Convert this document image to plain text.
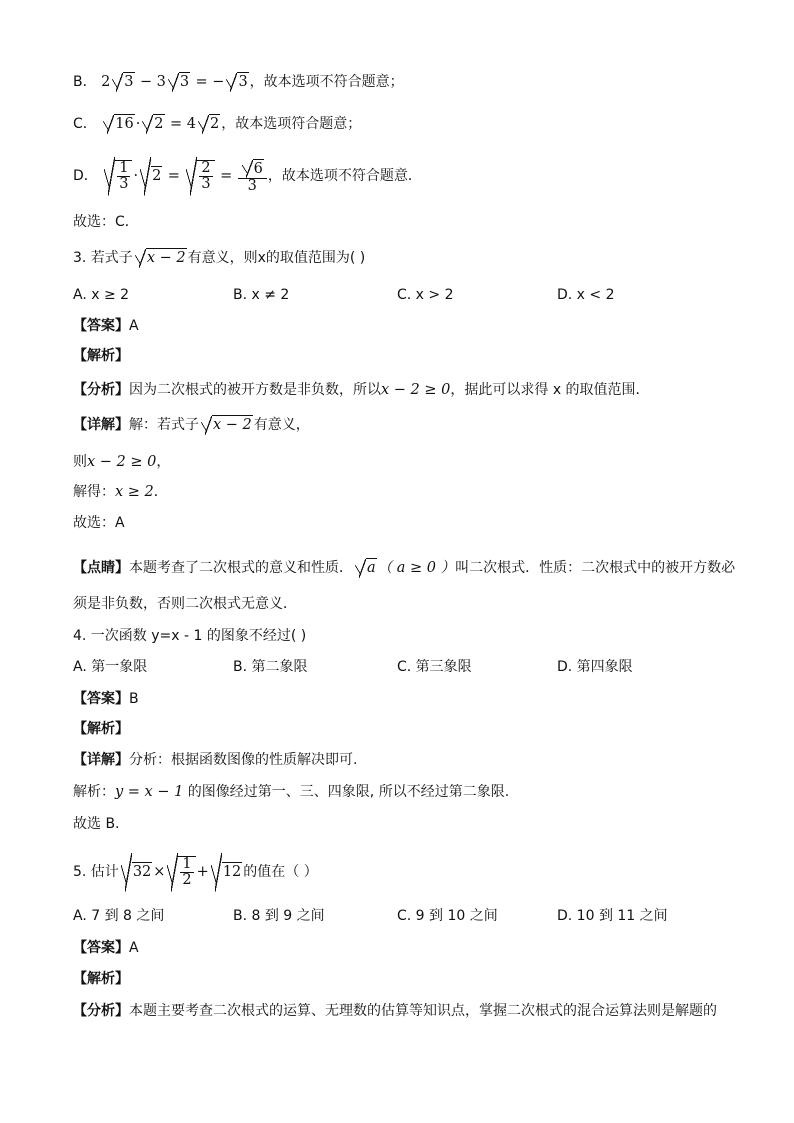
B． 2 3 − 3 3 = − 3 ，故本选项不符合题意；
C． 16 · 2 = 4 2 ，故本选项符合题意；
D． $\frac{1}{3} \cdot 2 = \frac{2}{3} = \frac{6}{3}$ ，故本选项不符合题意．
故选：C．
3. 若式子 x − 2 有意义，则x的取值范围为( )
A. x ≥ 2	B. x ≠ 2	C. x > 2	D. x < 2
【答案】A
【解析】
【分析】因为二次根式的被开方数是非负数，所以x − 2 ≥ 0，据此可以求得 x 的取值范围．
【详解】解：若式子 x − 2 有意义，
则x − 2 ≥ 0，
解得：x ≥ 2．
故选：A
【点睛】本题考查了二次根式的意义和性质． a （ a ≥ 0 ）叫二次根式．性质：二次根式中的被开方数必
须是非负数，否则二次根式无意义．
4. 一次函数 y=x - 1 的图象不经过( )
A. 第一象限	B. 第二象限	C. 第三象限	D. 第四象限
【答案】B
【解析】
【详解】分析：根据函数图像的性质解决即可.
解析：y = x − 1 的图像经过第一、三、四象限, 所以不经过第二象限.
故选 B.
5. 估计 $32 \times \frac{1}{2} + 12$ 的值在（ ）
A. 7 到 8 之间	B. 8 到 9 之间	C. 9 到 10 之间	D. 10 到 11 之间
【答案】A
【解析】
【分析】本题主要考查二次根式的运算、无理数的估算等知识点，掌握二次根式的混合运算法则是解题的
